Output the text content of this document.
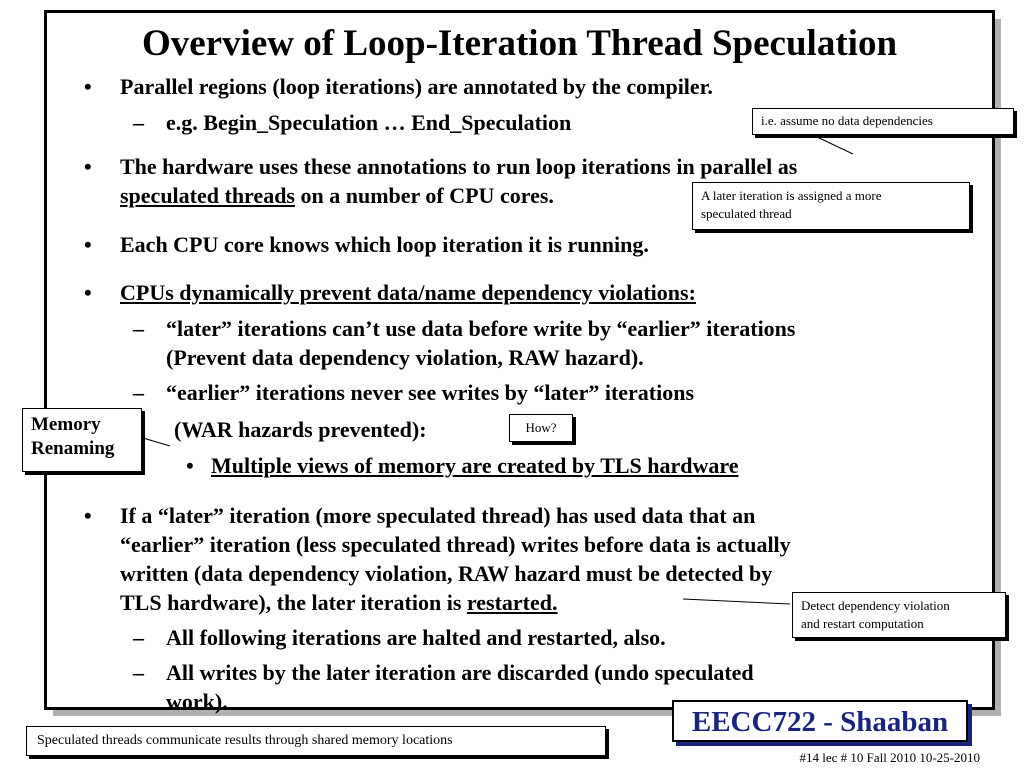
Overview of Loop-Iteration Thread Speculation
• Parallel regions (loop iterations) are annotated by the compiler.

– e.g. Begin_Speculation … End_Speculation

• The hardware uses these annotations to run loop iterations in parallel as

speculated threads on a number of CPU cores.

• Each CPU core knows which loop iteration it is running.

• CPUs dynamically prevent data/name dependency violations:

– “later” iterations can’t use data before write by “earlier” iterations

(Prevent data dependency violation, RAW hazard).

– “earlier” iterations never see writes by “later” iterations

(WAR hazards prevented):

• Multiple views of memory are created by TLS hardware

• If a “later” iteration (more speculated thread) has used data that an

“earlier” iteration (less speculated thread) writes before data is actually

written (data dependency violation, RAW hazard must be detected by

TLS hardware), the later iteration is restarted.

– All following iterations are halted and restarted, also.

– All writes by the later iteration are discarded (undo speculated

work).

i.e. assume no data dependencies
A later iteration is assigned a more
speculated thread
Memory
Renaming
How?
Detect dependency violation
and restart computation
EECC722 - Shaaban
Speculated threads communicate results through shared memory locations
#14 lec # 10 Fall 2010 10-25-2010
